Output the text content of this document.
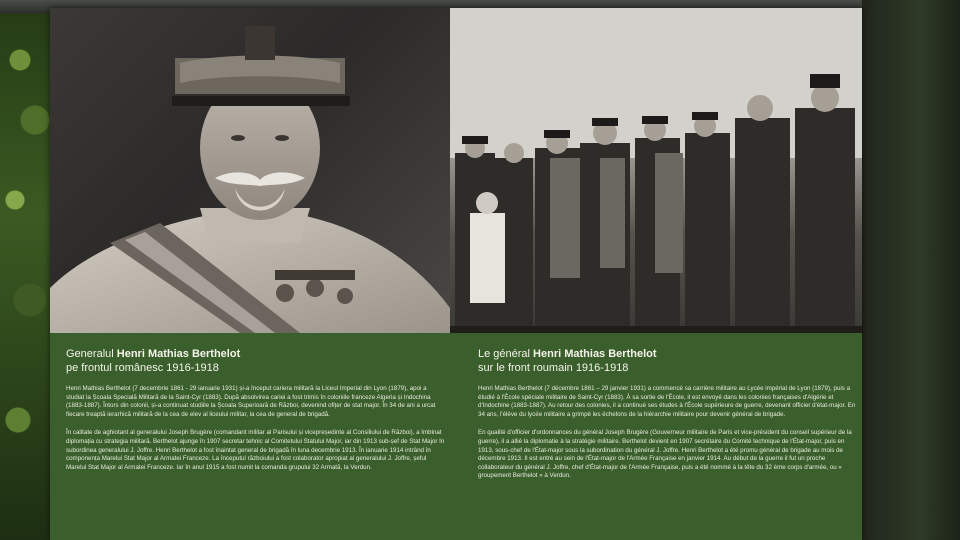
Generalul Henri Mathias Berthelot
pe frontul românesc 1916-1918
Henri Mathias Berthelot (7 decembrie 1861 - 29 ianuarie 1931) și-a început cariera militară la Liceul Imperial din Lyon (1879), apoi a studiat la Școala Specială Militară de la Saint-Cyr (1883). După absolvirea cariei a fost trimis în coloniile franceze Algeria și Indochina (1883-1887). Întors din colonii, și-a continuat studiile la Școala Superioară de Război, devenind ofițer de stat major. În 34 de ani a urcat fiecare treaptă ierarhică militară de la cea de elev al liceului militar, la cea de general de brigadă.
În calitate de aghiotant al generalului Joseph Brugère (comandant militar al Parisului și vicepreședinte al Consiliului de Război), a îmbinat diplomația cu strategia militară. Berthelot ajunge în 1907 secretar tehnic al Comitetului Statului Major, iar din 1913 sub-șef de Stat Major în subordinea generalului J. Joffre. Henri Berthelot a fost înaintat general de brigadă în luna decembrie 1913. În ianuarie 1914 intrând în componența Marelui Stat Major al Armatei Franceze. La începutul războiului a fost colaborator apropiat al generalului J. Joffre, șeful Marelui Stat Major al Armatei Franceze. Iar în anul 1915 a fost numit la comanda grupului 32 Armată, la Verdun.
Le général Henri Mathias Berthelot
sur le front roumain 1916-1918
Henri Mathias Berthelot (7 décembre 1861 – 29 janvier 1931) a commencé sa carrière militaire au Lycée impérial de Lyon (1879), puis a étudié à l'École spéciale militaire de Saint-Cyr (1883). À sa sortie de l'École, il est envoyé dans les colonies françaises d'Algérie et d'Indochine (1883-1887). Au retour des colonies, il a continué ses études à l'École supérieure de guerre, devenant officier d'état-major. En 34 ans, l'élève du lycée militaire a grimpé les échelons de la hiérarchie militaire pour devenir général de brigade.
En qualité d'officier d'ordonnances du général Joseph Brugère (Gouverneur militaire de Paris et vice-président du conseil supérieur de la guerre), il a allié la diplomatie à la stratégie militaire. Berthelot devient en 1907 secrétaire du Comité technique de l'État-major, puis en 1913, sous-chef de l'État-major sous la subordination du général J. Joffre. Henri Berthelot a été promu général de brigade au mois de décembre 1913. Il est entré au sein de l'État-major de l'Armée Française en janvier 1914. Au début de la guerre il fut un proche collaborateur du général J. Joffre, chef d'État-major de l'Armée Française, puis a été nommé à la tête du 32 ème corps d'armée, ou « groupement Berthelot » à Verdun.
